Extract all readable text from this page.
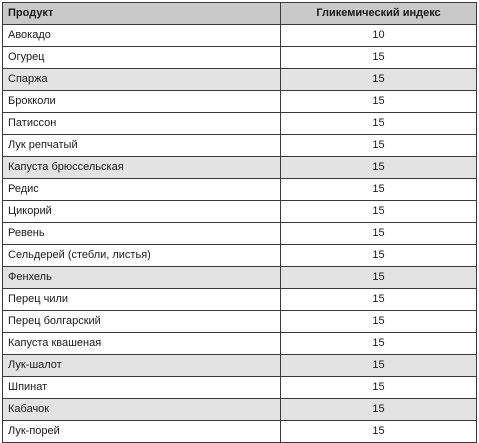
Продукт	Гликемический индекс
Авокадо	10
Огурец	15
Спаржа	15
Брокколи	15
Патиссон	15
Лук репчатый	15
Капуста брюссельская	15
Редис	15
Цикорий	15
Ревень	15
Сельдерей (стебли, листья)	15
Фенхель	15
Перец чили	15
Перец болгарский	15
Капуста квашеная	15
Лук-шалот	15
Шпинат	15
Кабачок	15
Лук-порей	15
